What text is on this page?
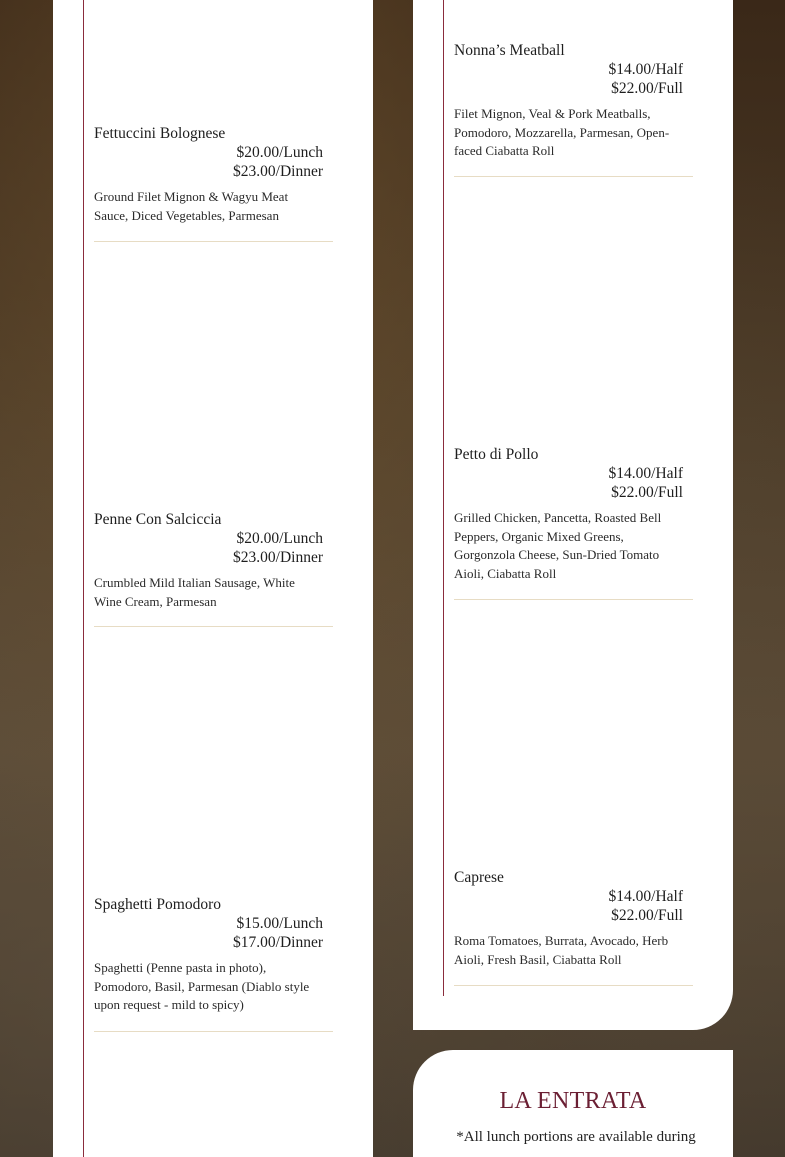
Fettuccini Bolognese
$20.00/Lunch
$23.00/Dinner
Ground Filet Mignon & Wagyu Meat Sauce, Diced Vegetables, Parmesan
Penne Con Salciccia
$20.00/Lunch
$23.00/Dinner
Crumbled Mild Italian Sausage, White Wine Cream, Parmesan
Spaghetti Pomodoro
$15.00/Lunch
$17.00/Dinner
Spaghetti (Penne pasta in photo), Pomodoro, Basil, Parmesan (Diablo style upon request - mild to spicy)
Nonna’s Meatball
$14.00/Half
$22.00/Full
Filet Mignon, Veal & Pork Meatballs, Pomodoro, Mozzarella, Parmesan, Open-faced Ciabatta Roll
Petto di Pollo
$14.00/Half
$22.00/Full
Grilled Chicken, Pancetta, Roasted Bell Peppers, Organic Mixed Greens, Gorgonzola Cheese, Sun-Dried Tomato Aioli, Ciabatta Roll
Caprese
$14.00/Half
$22.00/Full
Roma Tomatoes, Burrata, Avocado, Herb Aioli, Fresh Basil, Ciabatta Roll
LA ENTRATA
*All lunch portions are available during
